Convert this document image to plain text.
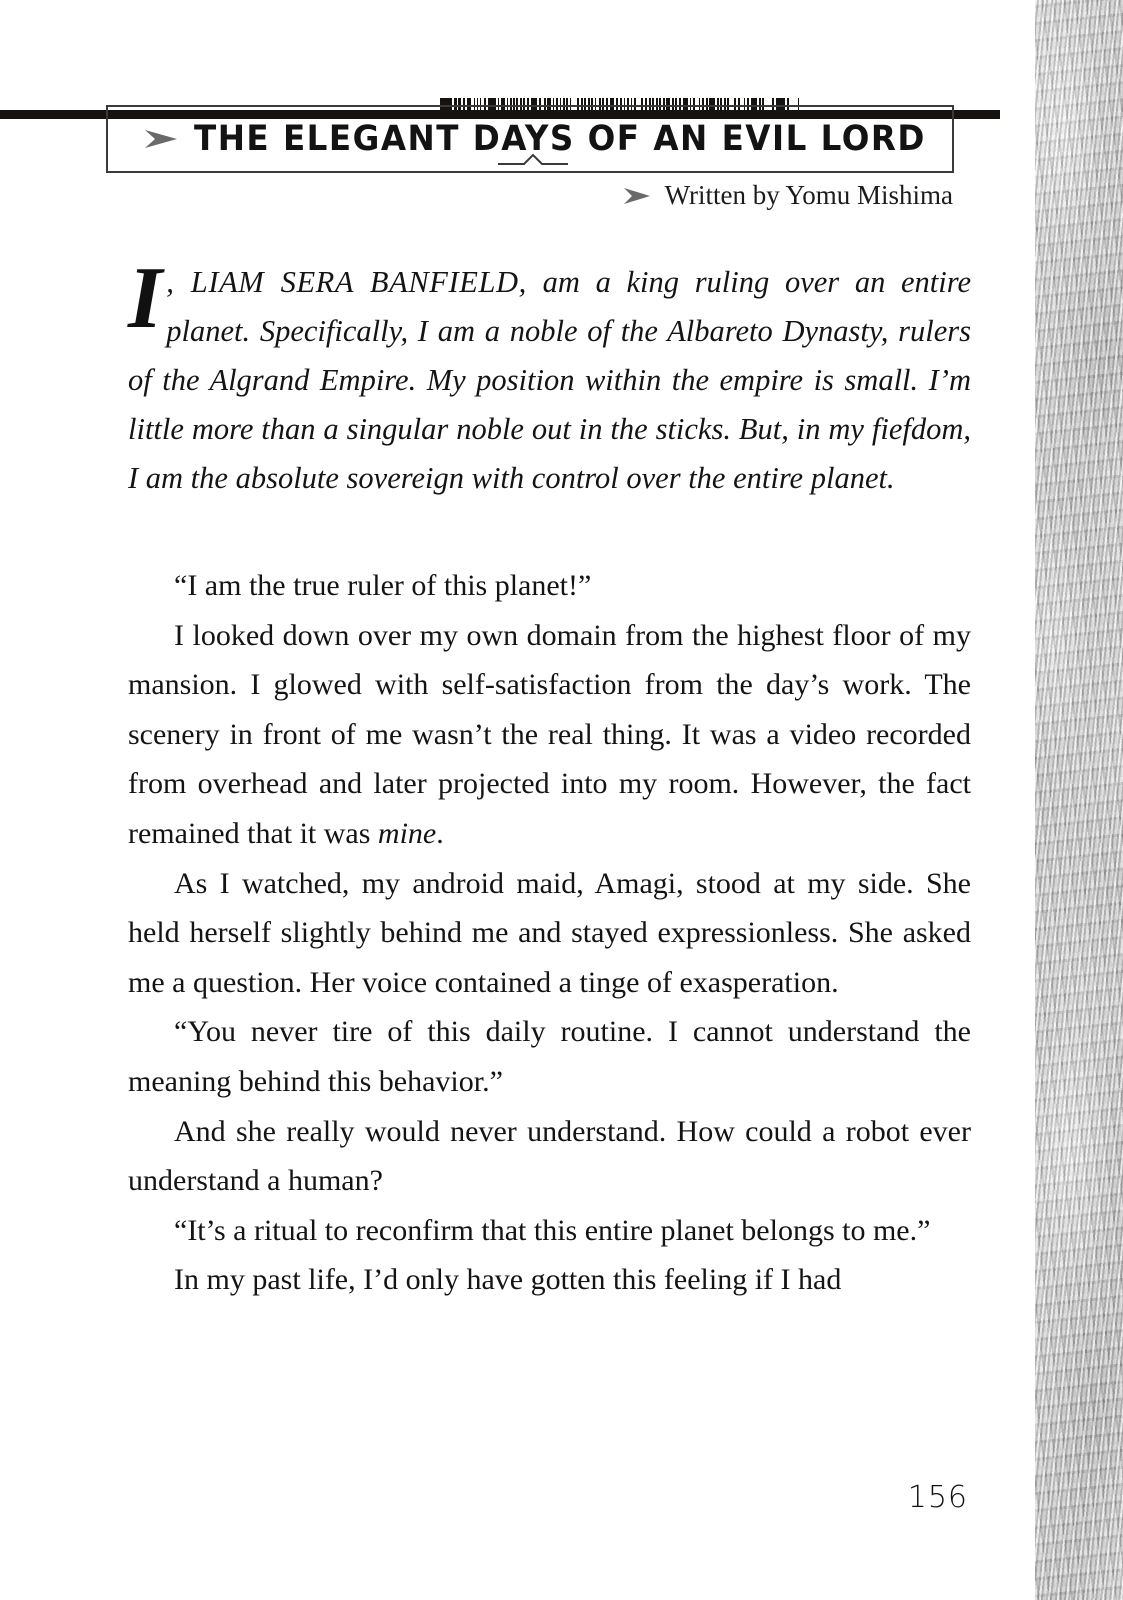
THE ELEGANT DAYS OF AN EVIL LORD
Written by Yomu Mishima

I , LIAM SERA BANFIELD, am a king ruling over an entire planet. Specifically, I am a noble of the Albareto Dynasty, rulers of the Algrand Empire. My position within the empire is small. I’m little more than a singular noble out in the sticks. But, in my fiefdom, I am the absolute sovereign with control over the entire planet.

“I am the true ruler of this planet!”

I looked down over my own domain from the highest floor of my mansion. I glowed with self-satisfaction from the day’s work. The scenery in front of me wasn’t the real thing. It was a video recorded from overhead and later projected into my room. However, the fact remained that it was mine.

As I watched, my android maid, Amagi, stood at my side. She held herself slightly behind me and stayed expressionless. She asked me a question. Her voice contained a tinge of exasperation.

“You never tire of this daily routine. I cannot understand the meaning behind this behavior.”

And she really would never understand. How could a robot ever understand a human?

“It’s a ritual to reconfirm that this entire planet belongs to me.”

In my past life, I’d only have gotten this feeling if I had

156
